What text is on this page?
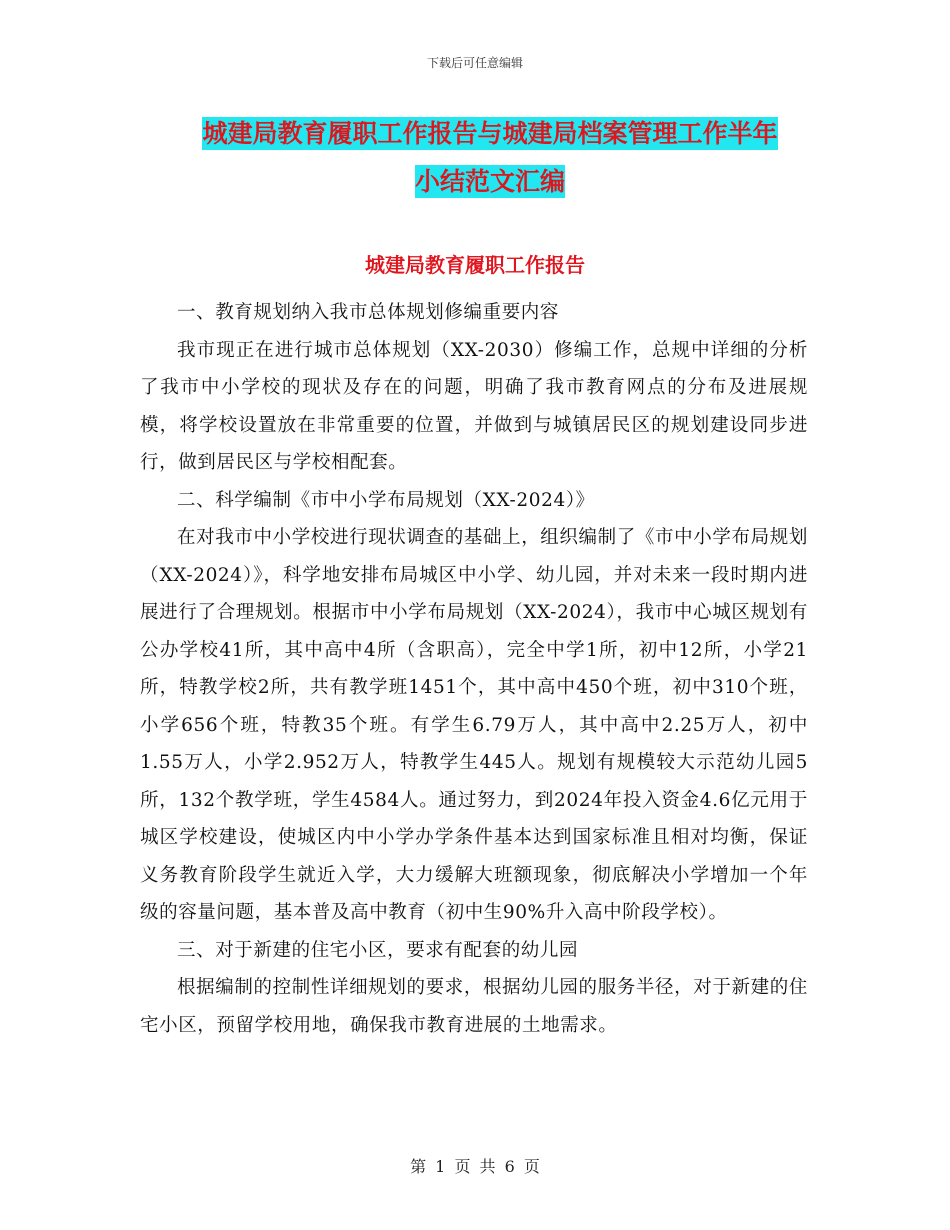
下载后可任意编辑
城建局教育履职工作报告与城建局档案管理工作半年
小结范文汇编
城建局教育履职工作报告

一、教育规划纳入我市总体规划修编重要内容

我市现正在进行城市总体规划（XX-2030）修编工作，总规中详细的分析了我市中小学校的现状及存在的问题，明确了我市教育网点的分布及进展规模，将学校设置放在非常重要的位置，并做到与城镇居民区的规划建设同步进行，做到居民区与学校相配套。

二、科学编制《市中小学布局规划（XX-2024）》

在对我市中小学校进行现状调查的基础上，组织编制了《市中小学布局规划（XX-2024）》，科学地安排布局城区中小学、幼儿园，并对未来一段时期内进展进行了合理规划。根据市中小学布局规划（XX-2024），我市中心城区规划有公办学校41所，其中高中4所（含职高），完全中学1所，初中12所，小学21所，特教学校2所，共有教学班1451个，其中高中450个班，初中310个班，小学656个班，特教35个班。有学生6.79万人，其中高中2.25万人，初中1.55万人，小学2.952万人，特教学生445人。规划有规模较大示范幼儿园5所，132个教学班，学生4584人。通过努力，到2024年投入资金4.6亿元用于城区学校建设，使城区内中小学办学条件基本达到国家标准且相对均衡，保证义务教育阶段学生就近入学，大力缓解大班额现象，彻底解决小学增加一个年级的容量问题，基本普及高中教育（初中生90%升入高中阶段学校）。

三、对于新建的住宅小区，要求有配套的幼儿园

根据编制的控制性详细规划的要求，根据幼儿园的服务半径，对于新建的住宅小区，预留学校用地，确保我市教育进展的土地需求。

第 1 页 共 6 页
